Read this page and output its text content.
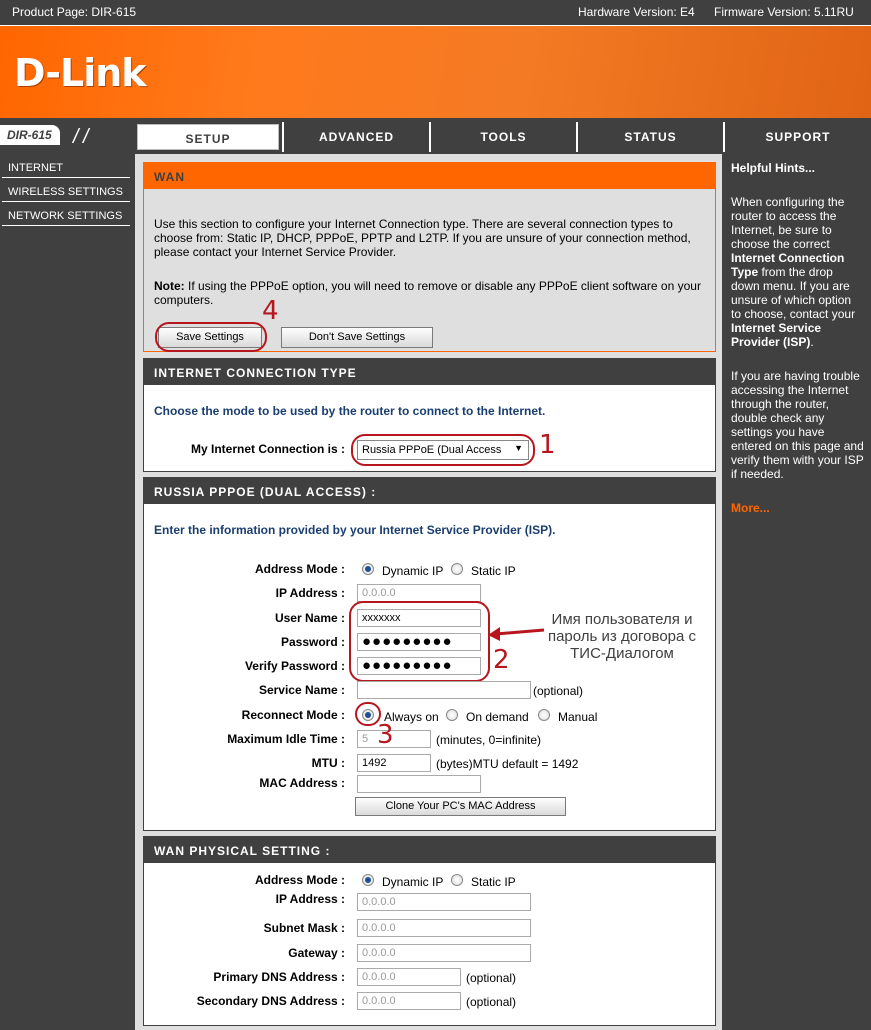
Product Page: DIR-615	Hardware Version: E4 Firmware Version: 5.11RU
D-Link
DIR-615	/ /	SETUP	ADVANCED	TOOLS	STATUS	SUPPORT
INTERNET
WIRELESS SETTINGS
NETWORK SETTINGS
WAN
Use this section to configure your Internet Connection type. There are several connection types to choose from: Static IP, DHCP, PPPoE, PPTP and L2TP. If you are unsure of your connection method, please contact your Internet Service Provider.
Note: If using the PPPoE option, you will need to remove or disable any PPPoE client software on your computers.
Save Settings	Don't Save Settings
4
INTERNET CONNECTION TYPE
Choose the mode to be used by the router to connect to the Internet.
My Internet Connection is :	Russia PPPoE (Dual Access ▼ 1
RUSSIA PPPOE (DUAL ACCESS) :
Enter the information provided by your Internet Service Provider (ISP).
Address Mode :	Dynamic IP Static IP
IP Address :	0.0.0.0
User Name :	xxxxxxx
Password :	●●●●●●●●●
Verify Password :	●●●●●●●●●	2
Имя пользователя и пароль из договора с ТИС-Диалогом
Service Name :	(optional)
Reconnect Mode :	Always on On demand Manual
Maximum Idle Time :	5 3	(minutes, 0=infinite)
MTU :	1492	(bytes)MTU default = 1492
MAC Address :
Clone Your PC's MAC Address
WAN PHYSICAL SETTING :
Address Mode :	Dynamic IP Static IP
IP Address :	0.0.0.0
Subnet Mask :	0.0.0.0
Gateway :	0.0.0.0
Primary DNS Address :	0.0.0.0	(optional)
Secondary DNS Address :	0.0.0.0	(optional)
Helpful Hints...

When configuring the router to access the Internet, be sure to choose the correct Internet Connection Type from the drop down menu. If you are unsure of which option to choose, contact your Internet Service Provider (ISP).

If you are having trouble accessing the Internet through the router, double check any settings you have entered on this page and verify them with your ISP if needed.

More...
